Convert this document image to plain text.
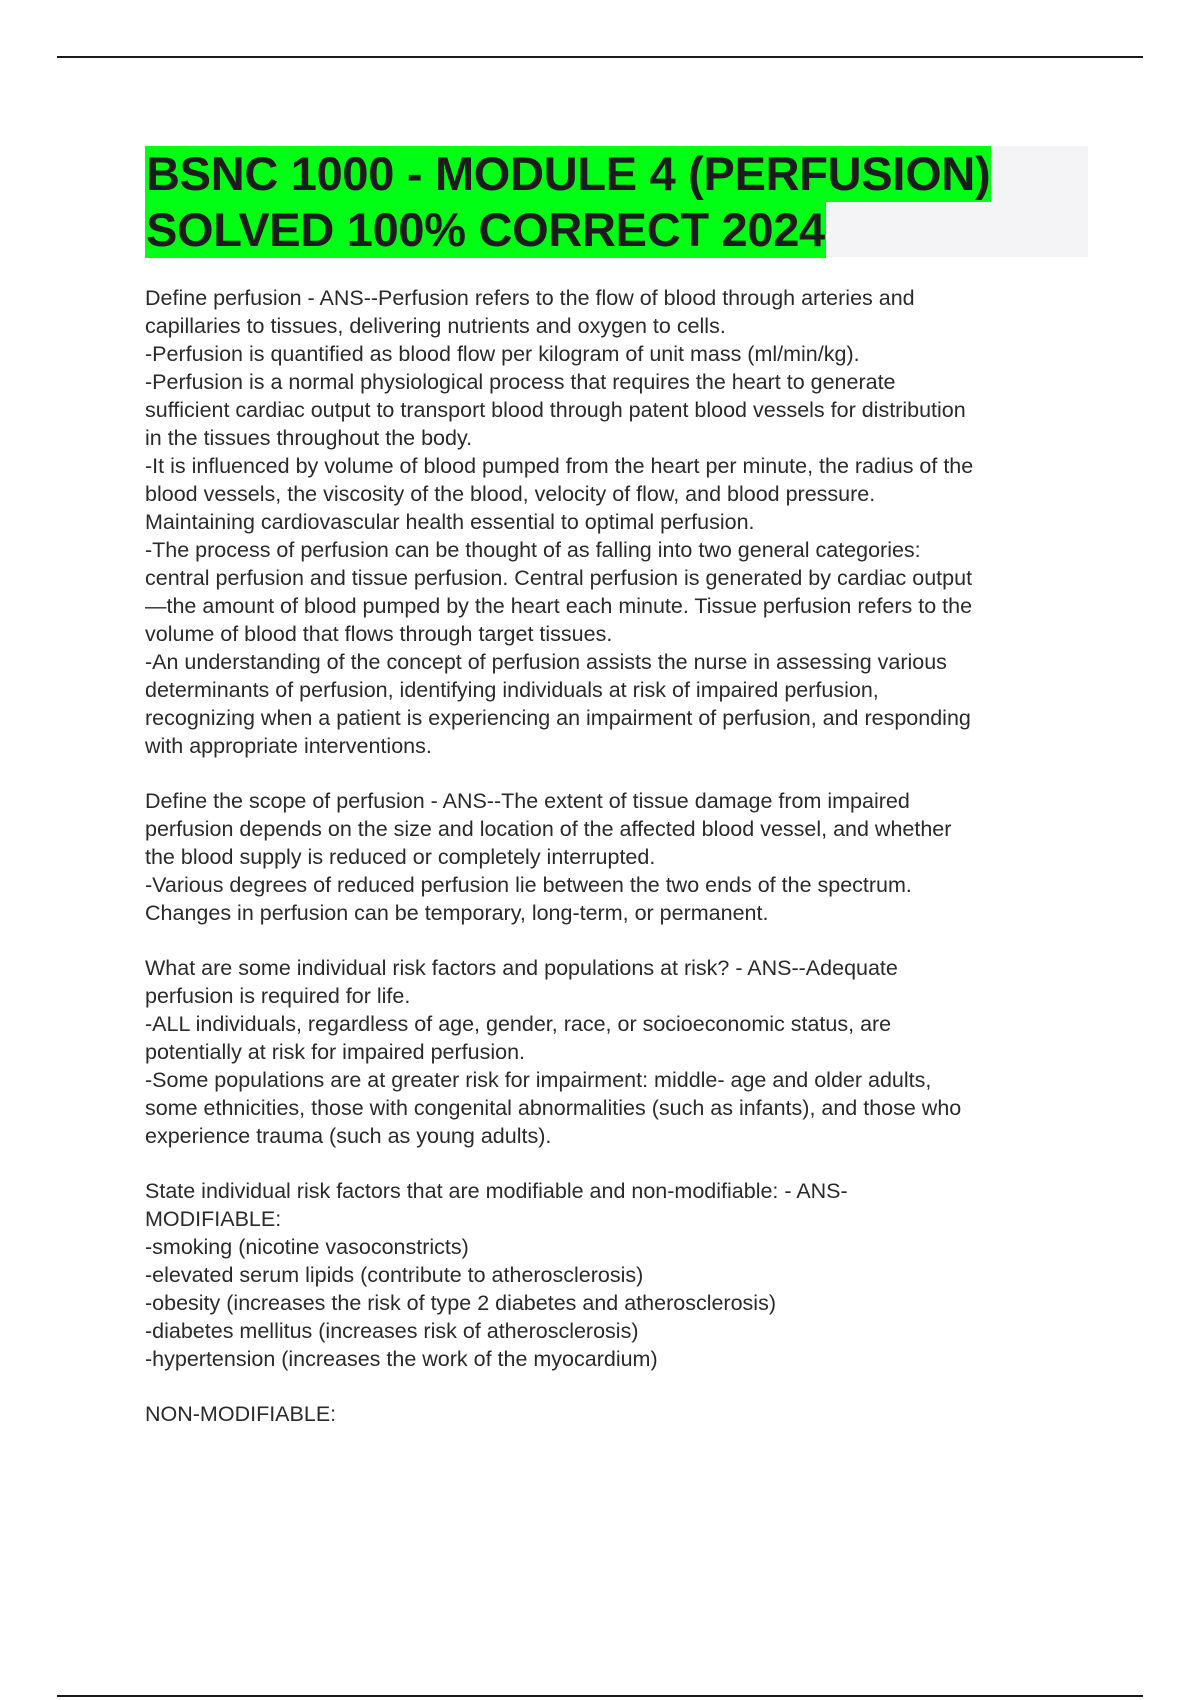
BSNC 1000 - MODULE 4 (PERFUSION)
SOLVED 100% CORRECT 2024
Define perfusion - ANS--Perfusion refers to the flow of blood through arteries and
capillaries to tissues, delivering nutrients and oxygen to cells.
-Perfusion is quantified as blood flow per kilogram of unit mass (ml/min/kg).
-Perfusion is a normal physiological process that requires the heart to generate
sufficient cardiac output to transport blood through patent blood vessels for distribution
in the tissues throughout the body.
-It is influenced by volume of blood pumped from the heart per minute, the radius of the
blood vessels, the viscosity of the blood, velocity of flow, and blood pressure.
Maintaining cardiovascular health essential to optimal perfusion.
-The process of perfusion can be thought of as falling into two general categories:
central perfusion and tissue perfusion. Central perfusion is generated by cardiac output
—the amount of blood pumped by the heart each minute. Tissue perfusion refers to the
volume of blood that flows through target tissues.
-An understanding of the concept of perfusion assists the nurse in assessing various
determinants of perfusion, identifying individuals at risk of impaired perfusion,
recognizing when a patient is experiencing an impairment of perfusion, and responding
with appropriate interventions.
Define the scope of perfusion - ANS--The extent of tissue damage from impaired
perfusion depends on the size and location of the affected blood vessel, and whether
the blood supply is reduced or completely interrupted.
-Various degrees of reduced perfusion lie between the two ends of the spectrum.
Changes in perfusion can be temporary, long-term, or permanent.
What are some individual risk factors and populations at risk? - ANS--Adequate
perfusion is required for life.
-ALL individuals, regardless of age, gender, race, or socioeconomic status, are
potentially at risk for impaired perfusion.
-Some populations are at greater risk for impairment: middle- age and older adults,
some ethnicities, those with congenital abnormalities (such as infants), and those who
experience trauma (such as young adults).
State individual risk factors that are modifiable and non-modifiable: - ANS-
MODIFIABLE:
-smoking (nicotine vasoconstricts)
-elevated serum lipids (contribute to atherosclerosis)
-obesity (increases the risk of type 2 diabetes and atherosclerosis)
-diabetes mellitus (increases risk of atherosclerosis)
-hypertension (increases the work of the myocardium)
NON-MODIFIABLE:
